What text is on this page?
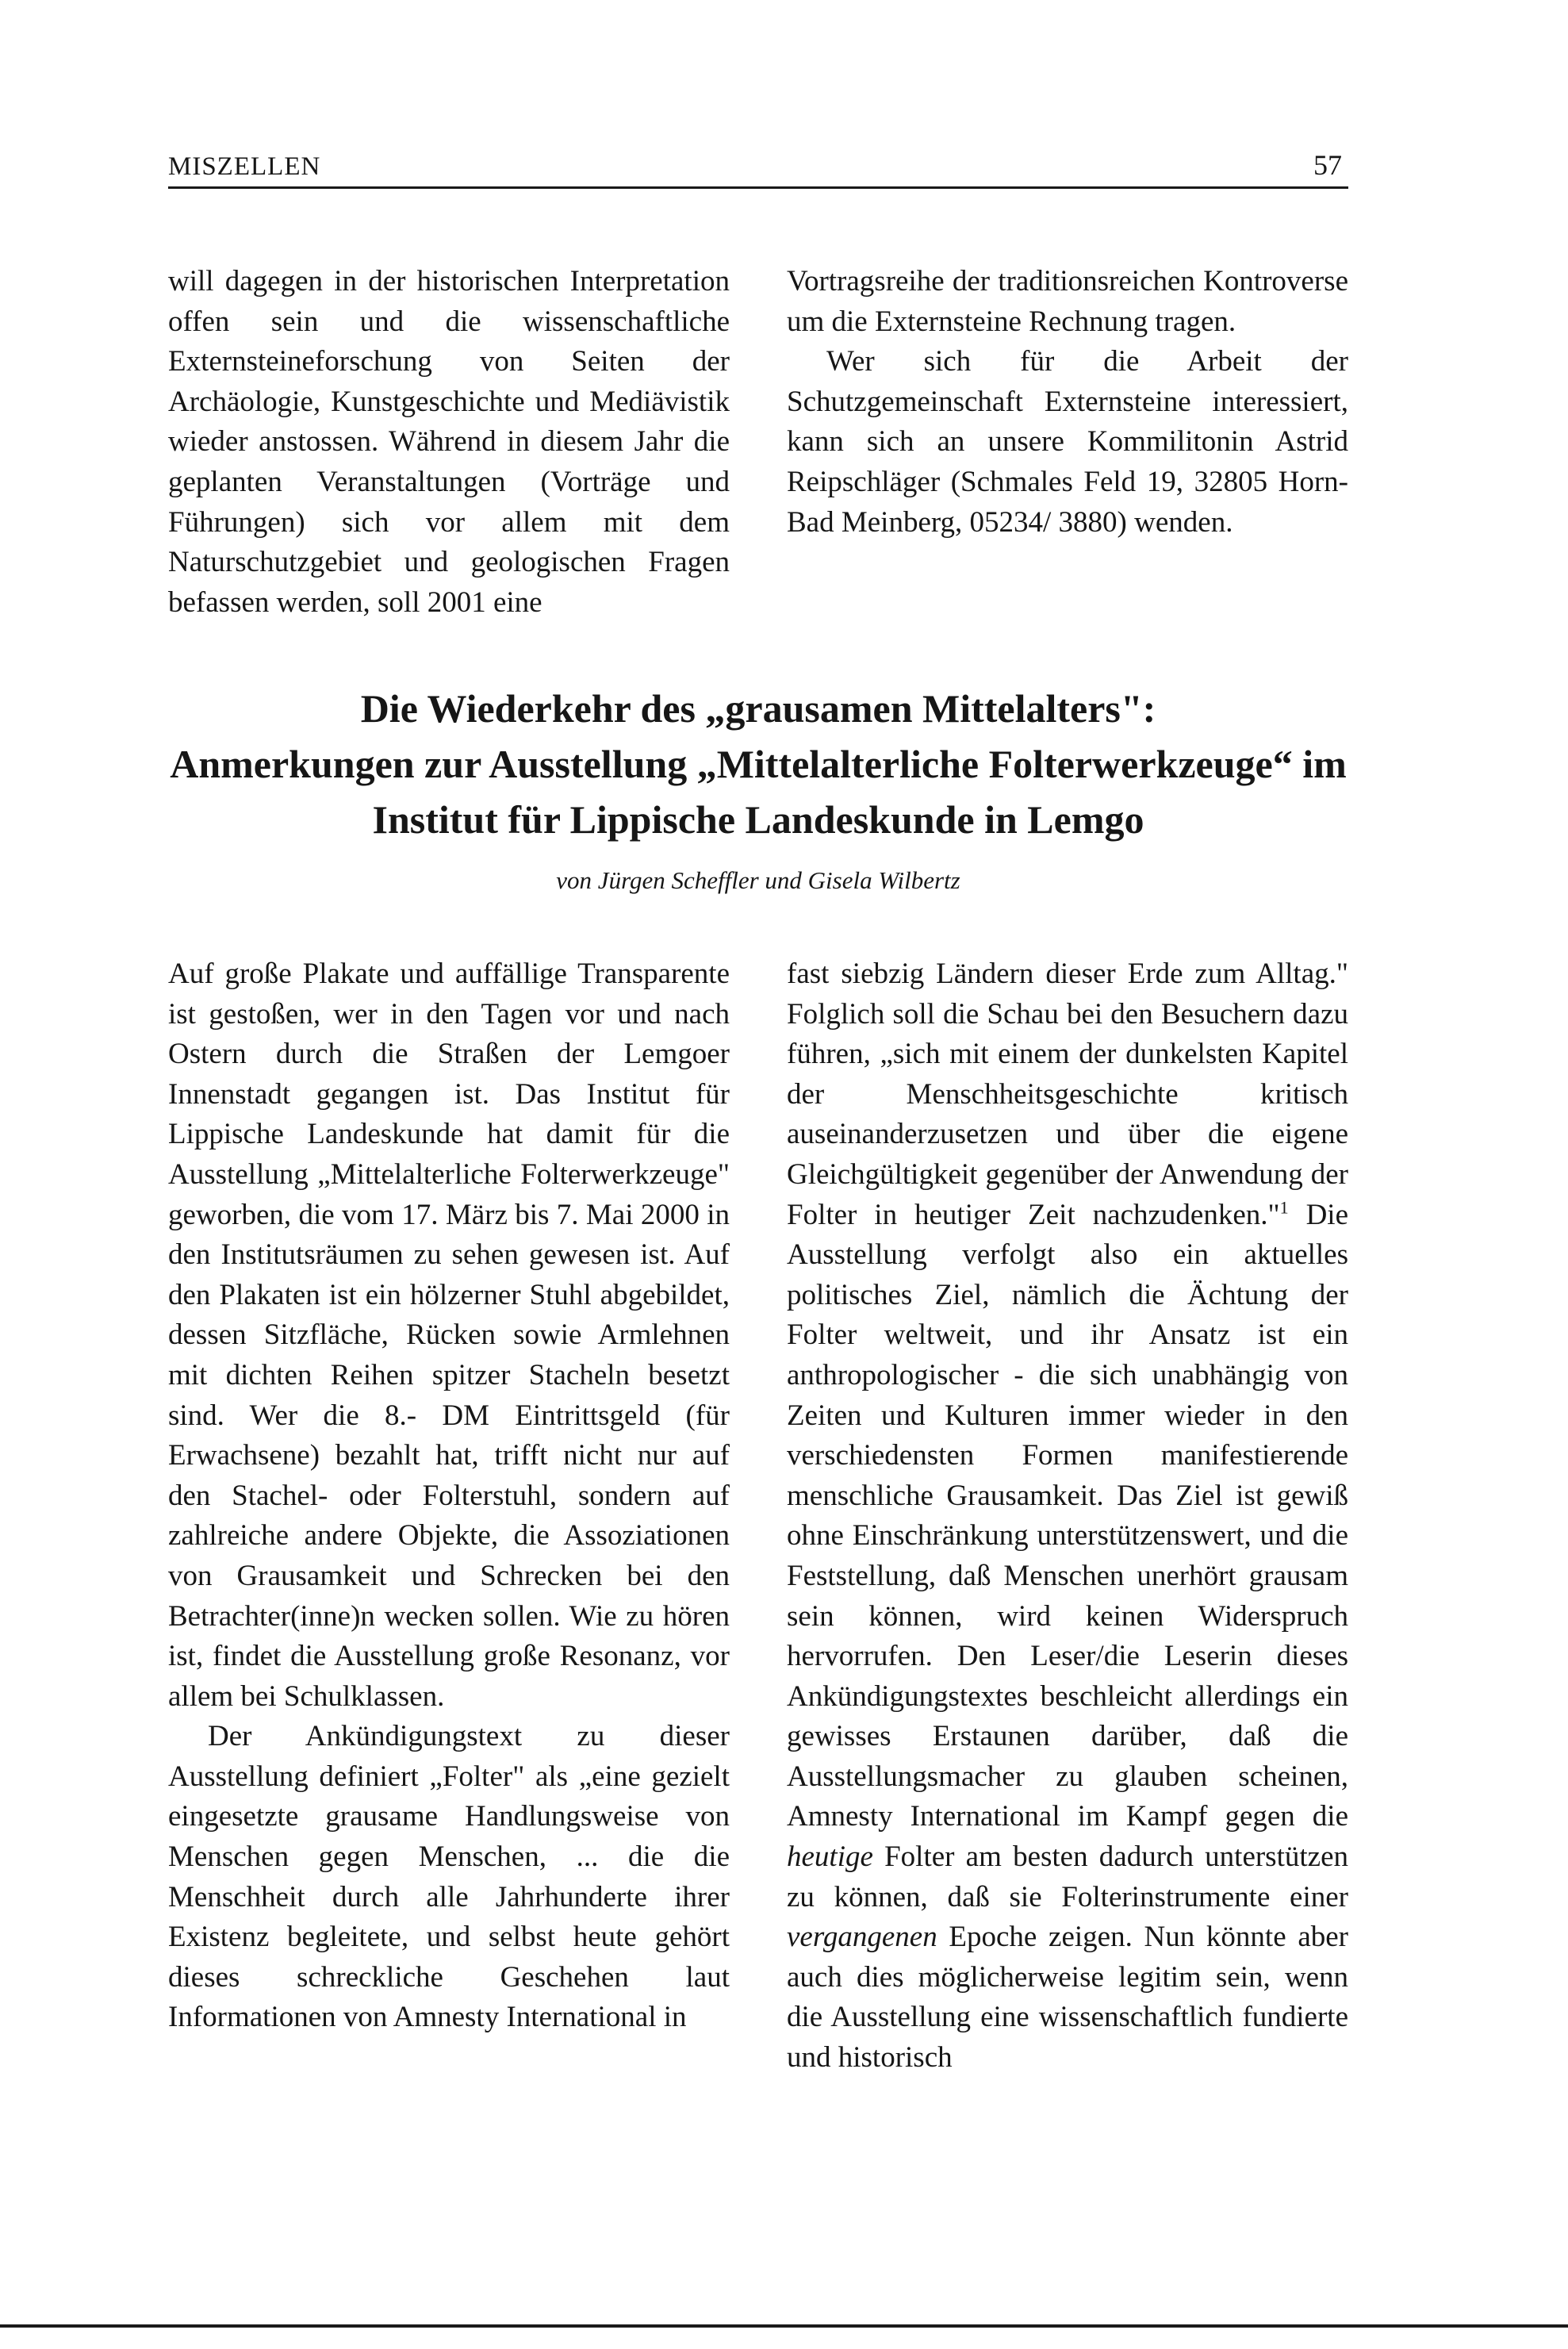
MISZELLEN	57

will dagegen in der historischen Interpretation offen sein und die wissenschaftliche Externsteineforschung von Seiten der Archäologie, Kunstgeschichte und Mediävistik wieder anstossen. Während in diesem Jahr die geplanten Veranstaltungen (Vorträge und Führungen) sich vor allem mit dem Naturschutzgebiet und geologischen Fragen befassen werden, soll 2001 eine

Vortragsreihe der traditionsreichen Kontroverse um die Externsteine Rechnung tragen.

Wer sich für die Arbeit der Schutzgemeinschaft Externsteine interessiert, kann sich an unsere Kommilitonin Astrid Reipschläger (Schmales Feld 19, 32805 Horn-Bad Meinberg, 05234/ 3880) wenden.

Die Wiederkehr des „grausamen Mittelalters":
Anmerkungen zur Ausstellung „Mittelalterliche Folterwerkzeuge“ im
Institut für Lippische Landeskunde in Lemgo
von Jürgen Scheffler und Gisela Wilbertz

Auf große Plakate und auffällige Transparente ist gestoßen, wer in den Tagen vor und nach Ostern durch die Straßen der Lemgoer Innenstadt gegangen ist. Das Institut für Lippische Landeskunde hat damit für die Ausstellung „Mittelalterliche Folterwerkzeuge" geworben, die vom 17. März bis 7. Mai 2000 in den Institutsräumen zu sehen gewesen ist. Auf den Plakaten ist ein hölzerner Stuhl abgebildet, dessen Sitzfläche, Rücken sowie Armlehnen mit dichten Reihen spitzer Stacheln besetzt sind. Wer die 8.- DM Eintrittsgeld (für Erwachsene) bezahlt hat, trifft nicht nur auf den Stachel- oder Folterstuhl, sondern auf zahlreiche andere Objekte, die Assoziationen von Grausamkeit und Schrecken bei den Betrachter(inne)n wecken sollen. Wie zu hören ist, findet die Ausstellung große Resonanz, vor allem bei Schulklassen.

Der Ankündigungstext zu dieser Ausstellung definiert „Folter" als „eine gezielt eingesetzte grausame Handlungsweise von Menschen gegen Menschen, ... die die Menschheit durch alle Jahrhunderte ihrer Existenz begleitete, und selbst heute gehört dieses schreckliche Geschehen laut Informationen von Amnesty International in

fast siebzig Ländern dieser Erde zum Alltag." Folglich soll die Schau bei den Besuchern dazu führen, „sich mit einem der dunkelsten Kapitel der Menschheitsgeschichte kritisch auseinanderzusetzen und über die eigene Gleichgültigkeit gegenüber der Anwendung der Folter in heutiger Zeit nachzudenken."$^1$ Die Ausstellung verfolgt also ein aktuelles politisches Ziel, nämlich die Ächtung der Folter weltweit, und ihr Ansatz ist ein anthropologischer - die sich unabhängig von Zeiten und Kulturen immer wieder in den verschiedensten Formen manifestierende menschliche Grausamkeit. Das Ziel ist gewiß ohne Einschränkung unterstützenswert, und die Feststellung, daß Menschen unerhört grausam sein können, wird keinen Widerspruch hervorrufen. Den Leser/die Leserin dieses Ankündigungstextes beschleicht allerdings ein gewisses Erstaunen darüber, daß die Ausstellungsmacher zu glauben scheinen, Amnesty International im Kampf gegen die heutige Folter am besten dadurch unterstützen zu können, daß sie Folterinstrumente einer vergangenen Epoche zeigen. Nun könnte aber auch dies möglicherweise legitim sein, wenn die Ausstellung eine wissenschaftlich fundierte und historisch
